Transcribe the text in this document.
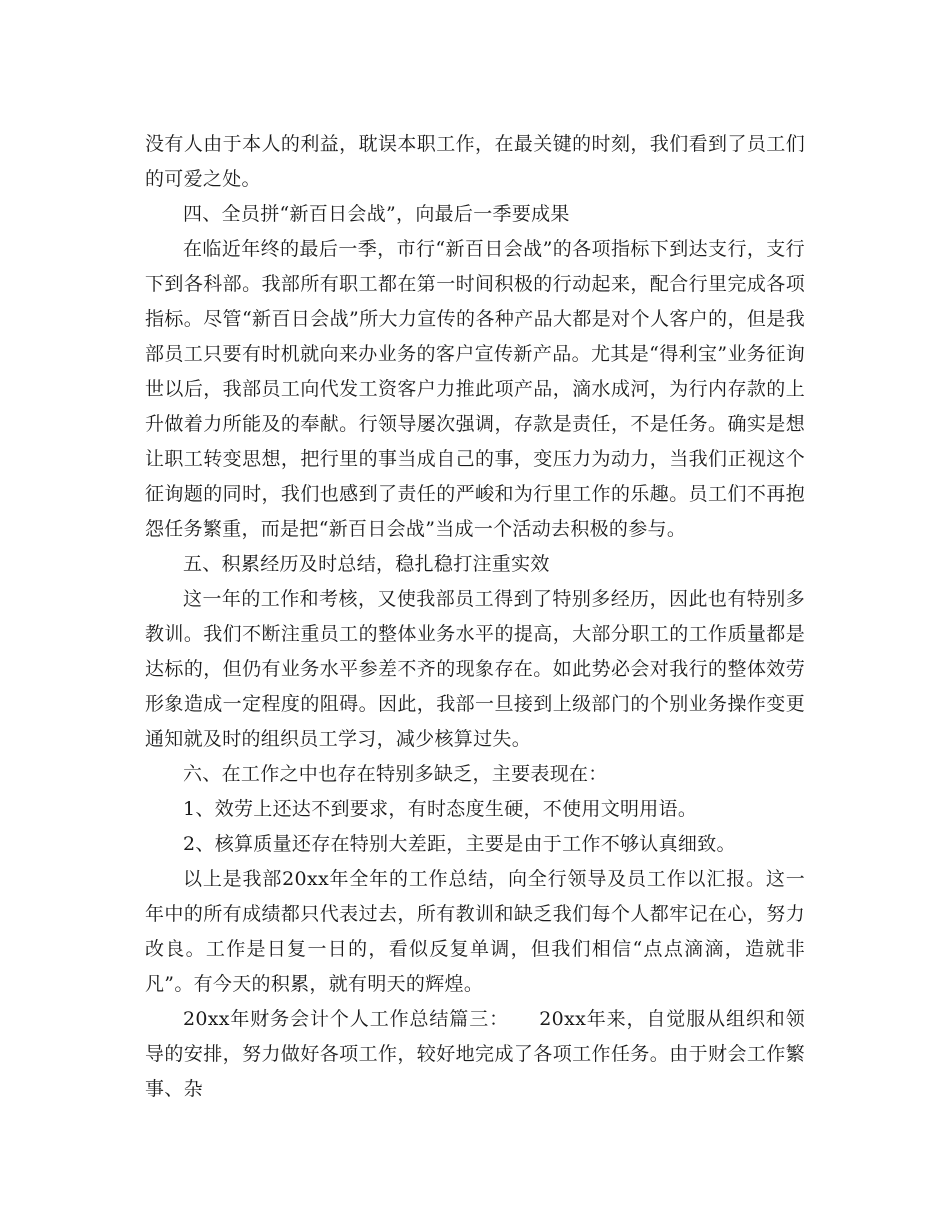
没有人由于本人的利益，耽误本职工作，在最关键的时刻，我们看到了员工们的可爱之处。

四、全员拼“新百日会战”，向最后一季要成果

在临近年终的最后一季，市行“新百日会战”的各项指标下到达支行，支行下到各科部。我部所有职工都在第一时间积极的行动起来，配合行里完成各项指标。尽管“新百日会战”所大力宣传的各种产品大都是对个人客户的，但是我部员工只要有时机就向来办业务的客户宣传新产品。尤其是“得利宝”业务征询世以后，我部员工向代发工资客户力推此项产品，滴水成河，为行内存款的上升做着力所能及的奉献。行领导屡次强调，存款是责任，不是任务。确实是想让职工转变思想，把行里的事当成自己的事，变压力为动力，当我们正视这个征询题的同时，我们也感到了责任的严峻和为行里工作的乐趣。员工们不再抱怨任务繁重，而是把“新百日会战”当成一个活动去积极的参与。

五、积累经历及时总结，稳扎稳打注重实效

这一年的工作和考核，又使我部员工得到了特别多经历，因此也有特别多教训。我们不断注重员工的整体业务水平的提高，大部分职工的工作质量都是达标的，但仍有业务水平参差不齐的现象存在。如此势必会对我行的整体效劳形象造成一定程度的阻碍。因此，我部一旦接到上级部门的个别业务操作变更通知就及时的组织员工学习，减少核算过失。

六、在工作之中也存在特别多缺乏，主要表现在：

1、效劳上还达不到要求，有时态度生硬，不使用文明用语。

2、核算质量还存在特别大差距，主要是由于工作不够认真细致。

以上是我部20xx年全年的工作总结，向全行领导及员工作以汇报。这一年中的所有成绩都只代表过去，所有教训和缺乏我们每个人都牢记在心，努力改良。工作是日复一日的，看似反复单调，但我们相信“点点滴滴，造就非凡”。有今天的积累，就有明天的辉煌。

20xx年财务会计个人工作总结篇三：　　20xx年来，自觉服从组织和领导的安排，努力做好各项工作，较好地完成了各项工作任务。由于财会工作繁事、杂
